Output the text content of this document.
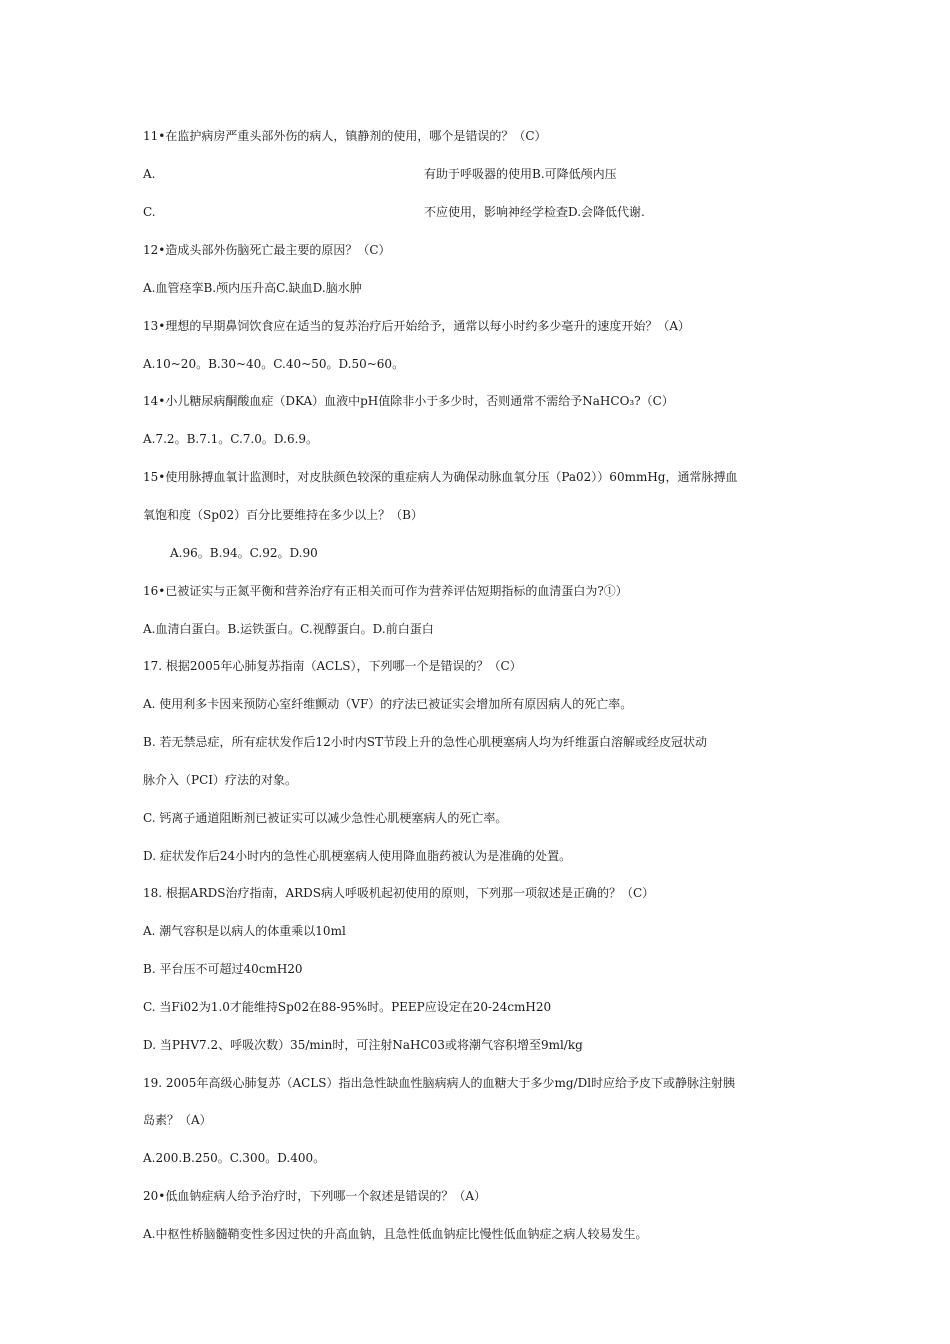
11•在监护病房严重头部外伤的病人，镇静剂的使用，哪个是错误的？（C）
A.	有助于呼吸器的使用B.可降低颅内压
C.	不应使用，影响神经学检查D.会降低代谢.
12•造成头部外伤脑死亡最主要的原因？（C）
A.血管痉挛B.颅内压升高C.缺血D.脑水肿
13•理想的早期鼻饲饮食应在适当的复苏治疗后开始给予，通常以每小时约多少毫升的速度开始？（A）
A.10~20。B.30~40。C.40~50。D.50~60。
14•小儿糖尿病酮酸血症（DKA）血液中pH值除非小于多少时，否则通常不需给予NaHCO₃?（C）
A.7.2。B.7.1。C.7.0。D.6.9。
15•使用脉搏血氧计监测时，对皮肤颜色较深的重症病人为确保动脉血氧分压（Pa02））60mmHg，通常脉搏血
氧饱和度（Sp02）百分比要维持在多少以上？（B）
A.96。B.94。C.92。D.90
16•已被证实与正氮平衡和营养治疗有正相关而可作为营养评估短期指标的血清蛋白为?①）
A.血清白蛋白。B.运铁蛋白。C.视醇蛋白。D.前白蛋白
17. 根据2005年心肺复苏指南（ACLS），下列哪一个是错误的？（C）
A. 使用利多卡因来预防心室纤维颤动（VF）的疗法已被证实会增加所有原因病人的死亡率。
B. 若无禁忌症，所有症状发作后12小时内ST节段上升的急性心肌梗塞病人均为纤维蛋白溶解或经皮冠状动
脉介入（PCI）疗法的对象。
C. 钙离子通道阻断剂已被证实可以减少急性心肌梗塞病人的死亡率。
D. 症状发作后24小时内的急性心肌梗塞病人使用降血脂药被认为是准确的处置。
18. 根据ARDS治疗指南，ARDS病人呼吸机起初使用的原则，下列那一项叙述是正确的？（C）
A. 潮气容积是以病人的体重乘以10ml
B. 平台压不可超过40cmH20
C. 当Fi02为1.0才能维持Sp02在88-95%时。PEEP应设定在20-24cmH20
D. 当PHV7.2、呼吸次数）35/min时，可注射NaHC03或将潮气容积增至9ml/kg
19. 2005年高级心肺复苏（ACLS）指出急性缺血性脑病病人的血糖大于多少mg/Dl时应给予皮下或静脉注射胰
岛素？（A）
A.200.B.250。C.300。D.400。
20•低血钠症病人给予治疗时，下列哪一个叙述是错误的？（A）
A.中枢性桥脑髓鞘变性多因过快的升高血钠，且急性低血钠症比慢性低血钠症之病人较易发生。
